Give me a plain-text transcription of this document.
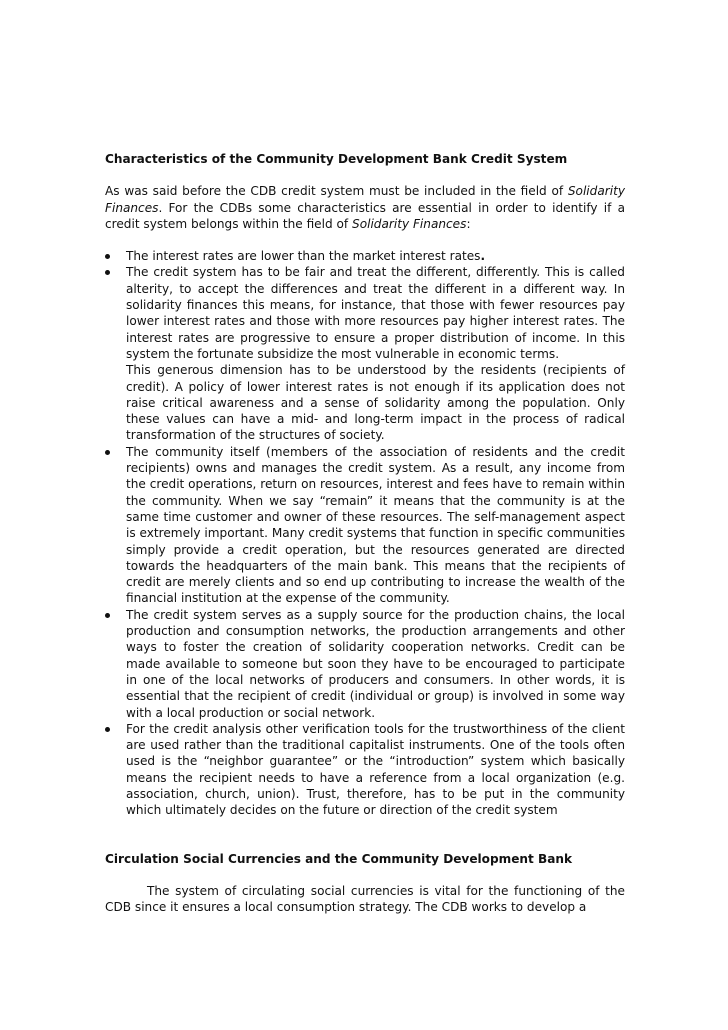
Characteristics of the Community Development Bank Credit System

As was said before the CDB credit system must be included in the field of Solidarity Finances. For the CDBs some characteristics are essential in order to identify if a credit system belongs within the field of Solidarity Finances:

The interest rates are lower than the market interest rates.
The credit system has to be fair and treat the different, differently. This is called alterity, to accept the differences and treat the different in a different way. In solidarity finances this means, for instance, that those with fewer resources pay lower interest rates and those with more resources pay higher interest rates. The interest rates are progressive to ensure a proper distribution of income. In this system the fortunate subsidize the most vulnerable in economic terms.
This generous dimension has to be understood by the residents (recipients of credit). A policy of lower interest rates is not enough if its application does not raise critical awareness and a sense of solidarity among the population. Only these values can have a mid- and long-term impact in the process of radical transformation of the structures of society.
The community itself (members of the association of residents and the credit recipients) owns and manages the credit system. As a result, any income from the credit operations, return on resources, interest and fees have to remain within the community. When we say “remain” it means that the community is at the same time customer and owner of these resources. The self-management aspect is extremely important. Many credit systems that function in specific communities simply provide a credit operation, but the resources generated are directed towards the headquarters of the main bank. This means that the recipients of credit are merely clients and so end up contributing to increase the wealth of the financial institution at the expense of the community.
The credit system serves as a supply source for the production chains, the local production and consumption networks, the production arrangements and other ways to foster the creation of solidarity cooperation networks. Credit can be made available to someone but soon they have to be encouraged to participate in one of the local networks of producers and consumers. In other words, it is essential that the recipient of credit (individual or group) is involved in some way with a local production or social network.
For the credit analysis other verification tools for the trustworthiness of the client are used rather than the traditional capitalist instruments. One of the tools often used is the “neighbor guarantee” or the “introduction” system which basically means the recipient needs to have a reference from a local organization (e.g. association, church, union). Trust, therefore, has to be put in the community which ultimately decides on the future or direction of the credit system

Circulation Social Currencies and the Community Development Bank

The system of circulating social currencies is vital for the functioning of the CDB since it ensures a local consumption strategy. The CDB works to develop a
